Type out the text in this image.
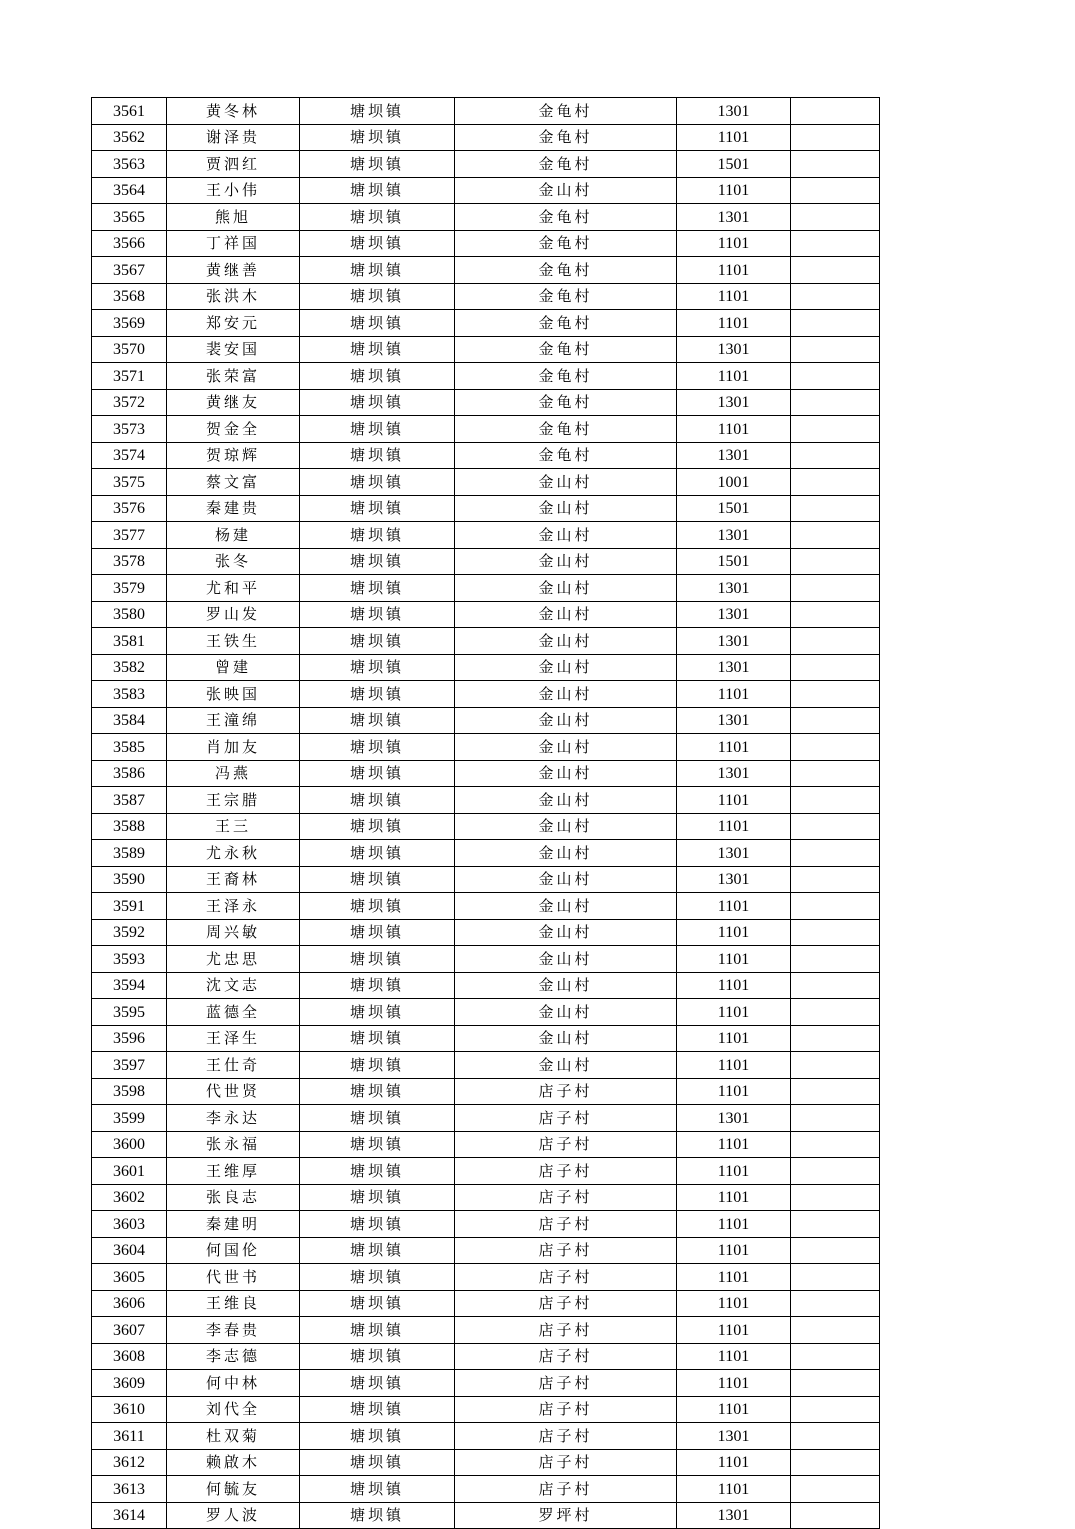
3561	黄冬林	塘坝镇	金龟村	1301	
3562	谢泽贵	塘坝镇	金龟村	1101	
3563	贾泗红	塘坝镇	金龟村	1501	
3564	王小伟	塘坝镇	金山村	1101	
3565	熊旭	塘坝镇	金龟村	1301	
3566	丁祥国	塘坝镇	金龟村	1101	
3567	黄继善	塘坝镇	金龟村	1101	
3568	张洪木	塘坝镇	金龟村	1101	
3569	郑安元	塘坝镇	金龟村	1101	
3570	裴安国	塘坝镇	金龟村	1301	
3571	张荣富	塘坝镇	金龟村	1101	
3572	黄继友	塘坝镇	金龟村	1301	
3573	贺金全	塘坝镇	金龟村	1101	
3574	贺琼辉	塘坝镇	金龟村	1301	
3575	蔡文富	塘坝镇	金山村	1001	
3576	秦建贵	塘坝镇	金山村	1501	
3577	杨建	塘坝镇	金山村	1301	
3578	张冬	塘坝镇	金山村	1501	
3579	尤和平	塘坝镇	金山村	1301	
3580	罗山发	塘坝镇	金山村	1301	
3581	王铁生	塘坝镇	金山村	1301	
3582	曾建	塘坝镇	金山村	1301	
3583	张映国	塘坝镇	金山村	1101	
3584	王潼绵	塘坝镇	金山村	1301	
3585	肖加友	塘坝镇	金山村	1101	
3586	冯燕	塘坝镇	金山村	1301	
3587	王宗腊	塘坝镇	金山村	1101	
3588	王三	塘坝镇	金山村	1101	
3589	尤永秋	塘坝镇	金山村	1301	
3590	王裔林	塘坝镇	金山村	1301	
3591	王泽永	塘坝镇	金山村	1101	
3592	周兴敏	塘坝镇	金山村	1101	
3593	尤忠思	塘坝镇	金山村	1101	
3594	沈文志	塘坝镇	金山村	1101	
3595	蓝德全	塘坝镇	金山村	1101	
3596	王泽生	塘坝镇	金山村	1101	
3597	王仕奇	塘坝镇	金山村	1101	
3598	代世贤	塘坝镇	店子村	1101	
3599	李永达	塘坝镇	店子村	1301	
3600	张永福	塘坝镇	店子村	1101	
3601	王维厚	塘坝镇	店子村	1101	
3602	张良志	塘坝镇	店子村	1101	
3603	秦建明	塘坝镇	店子村	1101	
3604	何国伦	塘坝镇	店子村	1101	
3605	代世书	塘坝镇	店子村	1101	
3606	王维良	塘坝镇	店子村	1101	
3607	李春贵	塘坝镇	店子村	1101	
3608	李志德	塘坝镇	店子村	1101	
3609	何中林	塘坝镇	店子村	1101	
3610	刘代全	塘坝镇	店子村	1101	
3611	杜双菊	塘坝镇	店子村	1301	
3612	赖啟木	塘坝镇	店子村	1101	
3613	何毓友	塘坝镇	店子村	1101	
3614	罗人波	塘坝镇	罗坪村	1301	
